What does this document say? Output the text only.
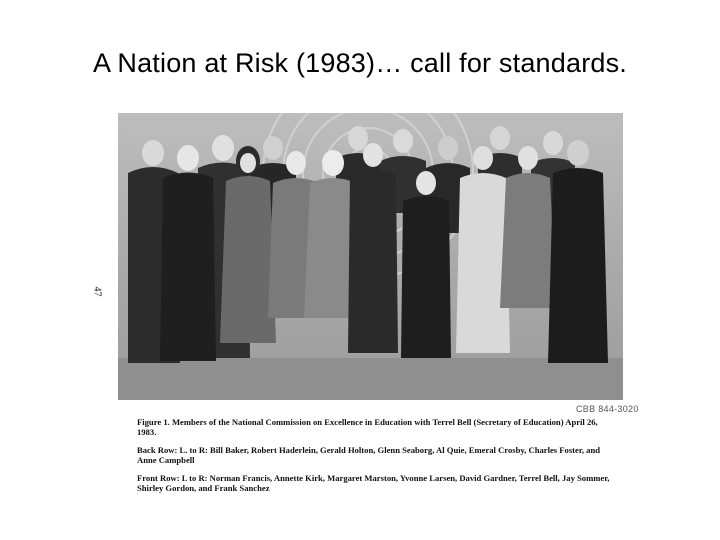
A Nation at Risk (1983)… call for standards.
47
CBB 844-3020

Figure 1. Members of the National Commission on Excellence in Education with Terrel Bell (Secretary of Education) April 26, 1983.

Back Row: L. to R: Bill Baker, Robert Haderlein, Gerald Holton, Glenn Seaborg, Al Quie, Emeral Crosby, Charles Foster, and Anne Campbell

Front Row: L to R: Norman Francis, Annette Kirk, Margaret Marston, Yvonne Larsen, David Gardner, Terrel Bell, Jay Sommer, Shirley Gordon, and Frank Sanchez
